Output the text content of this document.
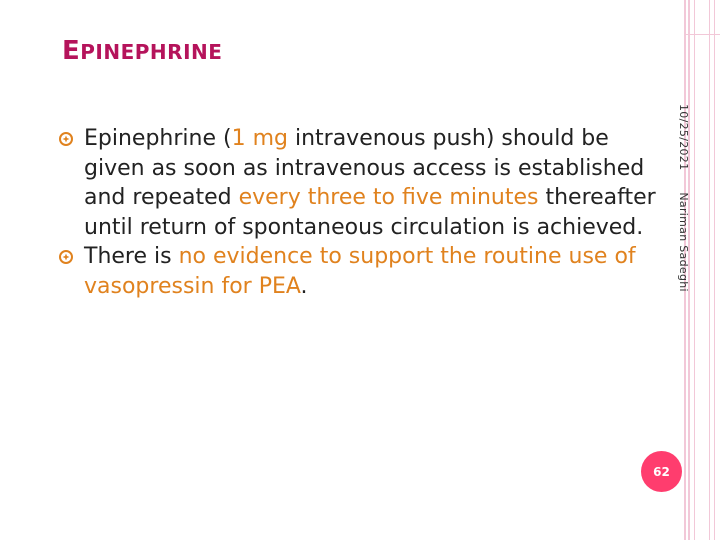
EPINEPHRINE

Epinephrine (1 mg intravenous push) should be given as soon as intravenous access is established and repeated every three to five minutes thereafter until return of spontaneous circulation is achieved.

There is no evidence to support the routine use of vasopressin for PEA.

10/25/2021Nariman Sadeghi
62
